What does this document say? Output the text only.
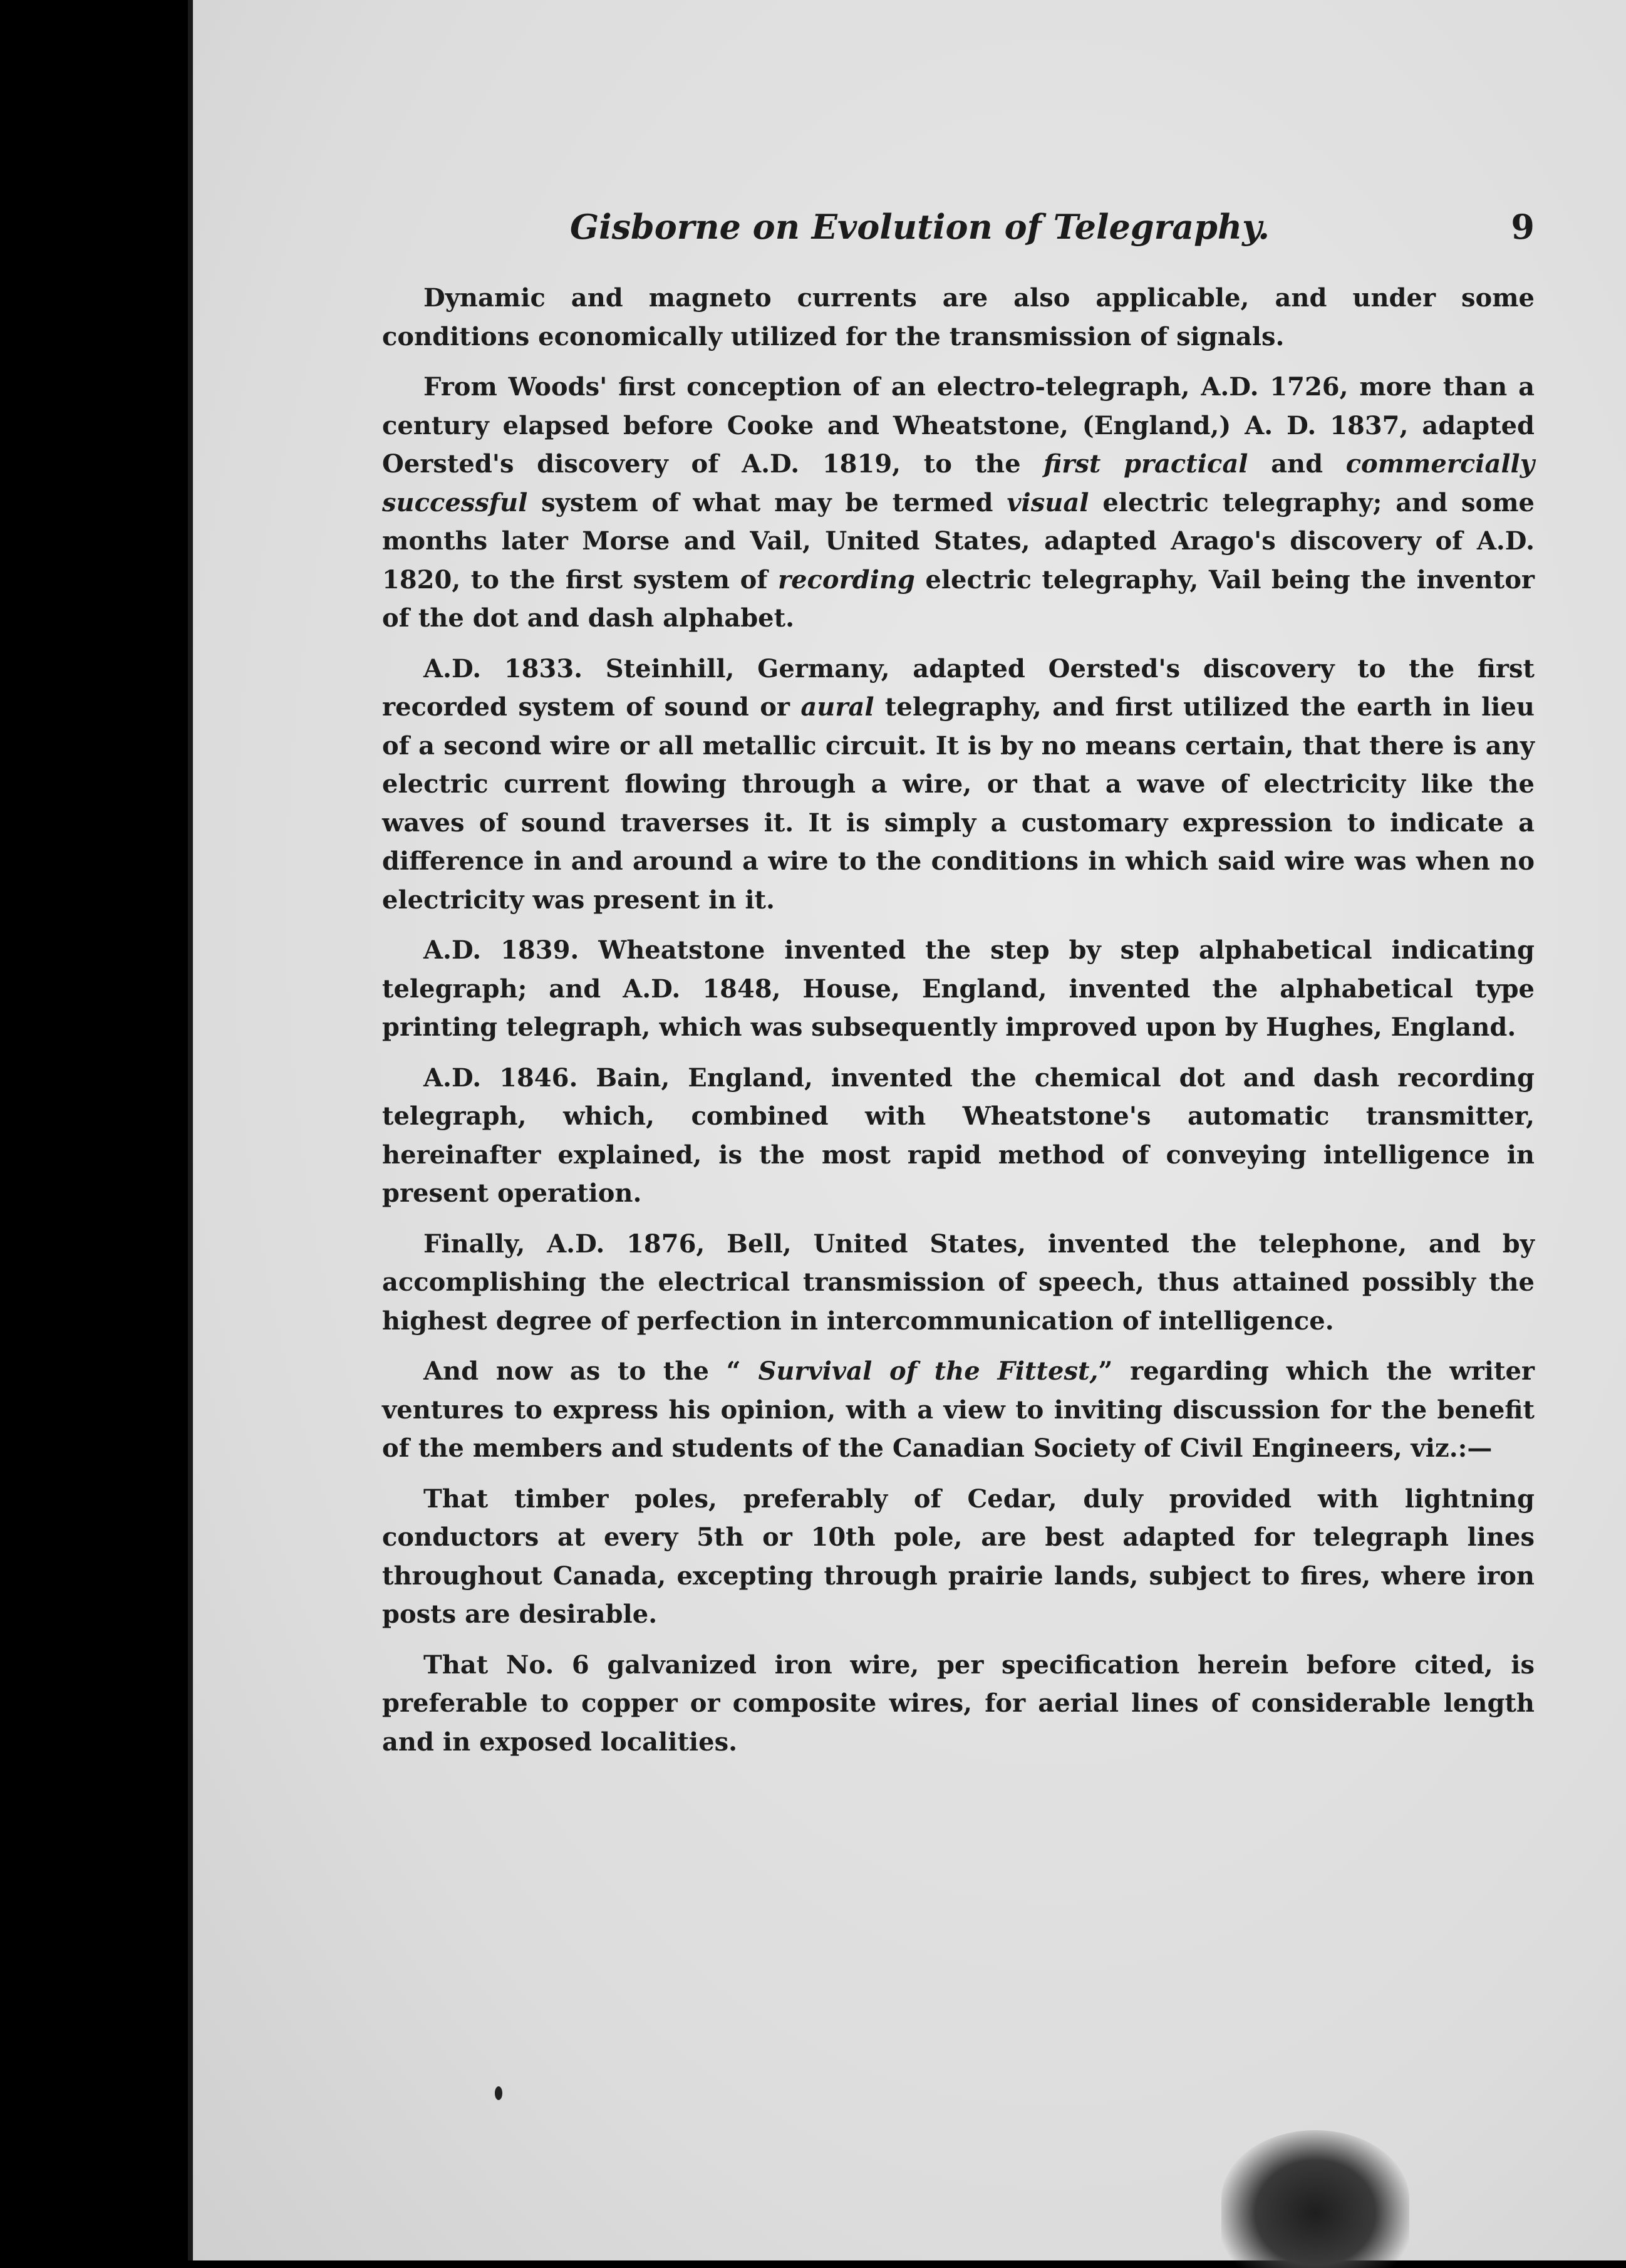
Gisborne on Evolution of Telegraphy.	9

Dynamic and magneto currents are also applicable, and under some conditions economically utilized for the transmission of signals.

From Woods' first conception of an electro-telegraph, A.D. 1726, more than a century elapsed before Cooke and Wheatstone, (England,) A. D. 1837, adapted Oersted's discovery of A.D. 1819, to the first practical and commercially successful system of what may be termed visual electric telegraphy; and some months later Morse and Vail, United States, adapted Arago's discovery of A.D. 1820, to the first system of recording electric telegraphy, Vail being the inventor of the dot and dash alphabet.

A.D. 1833. Steinhill, Germany, adapted Oersted's discovery to the first recorded system of sound or aural telegraphy, and first utilized the earth in lieu of a second wire or all metallic circuit. It is by no means certain, that there is any electric current flowing through a wire, or that a wave of electricity like the waves of sound traverses it. It is simply a customary expression to indicate a difference in and around a wire to the conditions in which said wire was when no electricity was present in it.

A.D. 1839. Wheatstone invented the step by step alphabetical indicating telegraph; and A.D. 1848, House, England, invented the alphabetical type printing telegraph, which was subsequently improved upon by Hughes, England.

A.D. 1846. Bain, England, invented the chemical dot and dash recording telegraph, which, combined with Wheatstone's automatic transmitter, hereinafter explained, is the most rapid method of conveying intelligence in present operation.

Finally, A.D. 1876, Bell, United States, invented the telephone, and by accomplishing the electrical transmission of speech, thus attained possibly the highest degree of perfection in intercommunication of intelligence.

And now as to the “ Survival of the Fittest,” regarding which the writer ventures to express his opinion, with a view to inviting discussion for the benefit of the members and students of the Canadian Society of Civil Engineers, viz.:—

That timber poles, preferably of Cedar, duly provided with lightning conductors at every 5th or 10th pole, are best adapted for telegraph lines throughout Canada, excepting through prairie lands, subject to fires, where iron posts are desirable.

That No. 6 galvanized iron wire, per specification herein before cited, is preferable to copper or composite wires, for aerial lines of considerable length and in exposed localities.
